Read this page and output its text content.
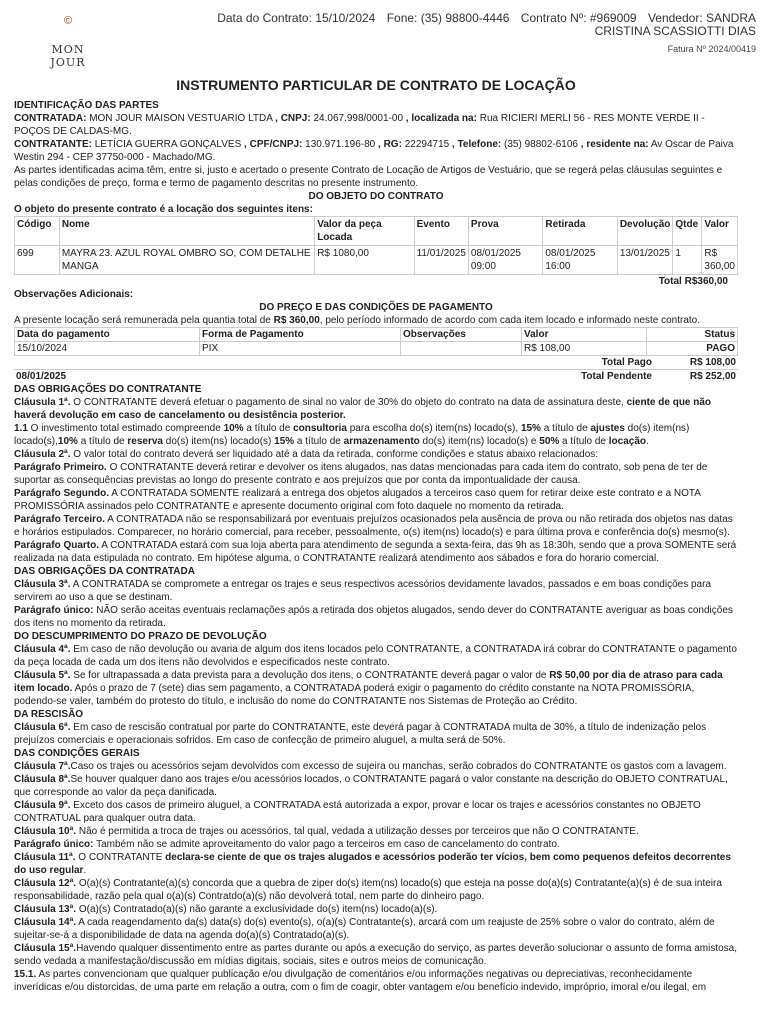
©
MON JOUR
Data do Contrato: 15/10/2024 Fone: (35) 98800-4446 Contrato Nº: #969009 Vendedor: SANDRA CRISTINA SCASSIOTTI DIAS
Fatura Nº 2024/00419
INSTRUMENTO PARTICULAR DE CONTRATO DE LOCAÇÃO
IDENTIFICAÇÃO DAS PARTES

CONTRATADA: MON JOUR MAISON VESTUARIO LTDA , CNPJ: 24.067.998/0001-00 , localizada na: Rua RICIERI MERLI 56 - RES MONTE VERDE II - POÇOS DE CALDAS-MG.

CONTRATANTE: LETÍCIA GUERRA GONÇALVES , CPF/CNPJ: 130.971.196-80 , RG: 22294715 , Telefone: (35) 98802-6106 , residente na: Av Oscar de Paiva Westin 294 - CEP 37750-000 - Machado/MG.

As partes identificadas acima têm, entre si, justo e acertado o presente Contrato de Locação de Artigos de Vestuário, que se regerá pelas cláusulas seguintes e pelas condições de preço, forma e termo de pagamento descritas no presente instrumento.

DO OBJETO DO CONTRATO
O objeto do presente contrato é a locação dos seguintes itens:
Código	Nome	Valor da peça Locada	Evento	Prova	Retirada	Devolução	Qtde	Valor
699	MAYRA 23. AZUL ROYAL OMBRO SO, COM DETALHE MANGA	R$ 1080,00	11/01/2025	08/01/2025 09:00	08/01/2025 16:00	13/01/2025	1	R$ 360,00
Total R$360,00
Observações Adicionais:
DO PREÇO E DAS CONDIÇÕES DE PAGAMENTO

A presente locação será remunerada pela quantia total de R$ 360,00, pelo período informado de acordo com cada item locado e informado neste contrato.

Data do pagamento	Forma de Pagamento	Observações	Valor	Status
15/10/2024	PIX		R$ 108,00	PAGO
	Total Pago	R$ 108,00
08/01/2025	Total Pendente	R$ 252,00
DAS OBRIGAÇÕES DO CONTRATANTE

Cláusula 1ª. O CONTRATANTE deverá efetuar o pagamento de sinal no valor de 30% do objeto do contrato na data de assinatura deste, ciente de que não haverá devolução em caso de cancelamento ou desistência posterior.

1.1 O investimento total estimado compreende 10% a título de consultoria para escolha do(s) item(ns) locado(s), 15% a título de ajustes do(s) item(ns) locado(s),10% a título de reserva do(s) item(ns) locado(s) 15% a título de armazenamento do(s) item(ns) locado(s) e 50% a título de locação.

Cláusula 2ª. O valor total do contrato deverá ser liquidado até a data da retirada, conforme condições e status abaixo relacionados:

Parágrafo Primeiro. O CONTRATANTE deverá retirar e devolver os itens alugados, nas datas mencionadas para cada item do contrato, sob pena de ter de suportar as consequências previstas ao longo do presente contrato e aos prejuízos que por conta da impontualidade der causa.

Parágrafo Segundo. A CONTRATADA SOMENTE realizará a entrega dos objetos alugados a terceiros caso quem for retirar deixe este contrato e a NOTA PROMISSÓRIA assinados pelo CONTRATANTE e apresente documento original com foto daquele no momento da retirada.

Parágrafo Terceiro. A CONTRATADA não se responsabilizará por eventuais prejuízos ocasionados pela ausência de prova ou não retirada dos objetos nas datas e horários estipulados. Comparecer, no horário comercial, para receber, pessoalmente, o(s) item(ns) locado(s) e para última prova e conferência do(s) mesmo(s).

Parágrafo Quarto. A CONTRATADA estará com sua loja aberta para atendimento de segunda a sexta-feira, das 9h as 18:30h, sendo que a prova SOMENTE será realizada na data estipulada no contrato. Em hipótese alguma, o CONTRATANTE realizará atendimento aos sábados e fora do horario comercial.

DAS OBRIGAÇÕES DA CONTRATADA

Cláusula 3ª. A CONTRATADA se compromete a entregar os trajes e seus respectivos acessórios devidamente lavados, passados e em boas condições para servirem ao uso a que se destinam.

Parágrafo único: NÃO serão aceitas eventuais reclamações após a retirada dos objetos alugados, sendo dever do CONTRATANTE averiguar as boas condições dos itens no momento da retirada.

DO DESCUMPRIMENTO DO PRAZO DE DEVOLUÇÃO

Cláusula 4ª. Em caso de não devolução ou avaria de algum dos itens locados pelo CONTRATANTE, a CONTRATADA irá cobrar do CONTRATANTE o pagamento da peça locada de cada um dos itens não devolvidos e especificados neste contrato.

Cláusula 5ª. Se for ultrapassada a data prevista para a devolução dos itens, o CONTRATANTE deverá pagar o valor de R$ 50,00 por dia de atraso para cada item locado. Após o prazo de 7 (sete) dias sem pagamento, a CONTRATADA poderá exigir o pagamento do crédito constante na NOTA PROMISSÓRIA, podendo-se valer, também do protesto do título, e inclusão do nome do CONTRATANTE nos Sistemas de Proteção ao Crédito.

DA RESCISÃO

Cláusula 6ª. Em caso de rescisão contratual por parte do CONTRATANTE, este deverá pagar à CONTRATADA multa de 30%, a título de indenização pelos prejuízos comerciais e operacionais sofridos. Em caso de confecção de primeiro aluguel, a multa será de 50%.

DAS CONDIÇÕES GERAIS

Cláusula 7ª.Caso os trajes ou acessórios sejam devolvidos com excesso de sujeira ou manchas, serão cobrados do CONTRATANTE os gastos com a lavagem.

Cláusula 8ª.Se houver qualquer dano aos trajes e/ou acessórios locados, o CONTRATANTE pagará o valor constante na descrição do OBJETO CONTRATUAL, que corresponde ao valor da peça danificada.

Cláusula 9ª. Exceto dos casos de primeiro aluguel, a CONTRATADA está autorizada a expor, provar e locar os trajes e acessórios constantes no OBJETO CONTRATUAL para qualquer outra data.

Cláusula 10ª. Não é permitida a troca de trajes ou acessórios, tal qual, vedada a utilização desses por terceiros que não O CONTRATANTE.

Parágrafo único: Também não se admite aproveitamento do valor pago a terceiros em caso de cancelamento do contrato.

Cláusula 11ª. O CONTRATANTE declara-se ciente de que os trajes alugados e acessórios poderão ter vícios, bem como pequenos defeitos decorrentes do uso regular.

Cláusula 12ª. O(a)(s) Contratante(a)(s) concorda que a quebra de ziper do(s) item(ns) locado(s) que esteja na posse do(a)(s) Contratante(a)(s) é de sua inteira responsabilidade, razão pela qual o(a)(s) Contratdo(a)(s) não devolverá total, nem parte do dinheiro pago.

Cláusula 13ª. O(a)(s) Contratado(a)(s) não garante a exclusividade do(s) item(ns) locado(a)(s).

Cláusula 14ª. A cada reagendamento da(s) data(s) do(s) evento(s), o(a)(s) Contratante(s), arcará com um reajuste de 25% sobre o valor do contrato, além de sujeitar-se-á a disponibilidade de data na agenda do(a)(s) Contratado(a)(s).

Cláusula 15ª.Havendo qualquer dissentimento entre as partes durante ou após a execução do serviço, as partes deverão solucionar o assunto de forma amistosa, sendo vedada a manifestação/discussão em mídias digitais, sociais, sites e outros meios de comunicação.

15.1. As partes convencionam que qualquer publicação e/ou divulgação de comentários e/ou informações negativas ou depreciativas, reconhecidamente inverídicas e/ou distorcidas, de uma parte em relação a outra, com o fim de coagir, obter vantagem e/ou benefício indevido, impróprio, imoral e/ou ilegal, em
